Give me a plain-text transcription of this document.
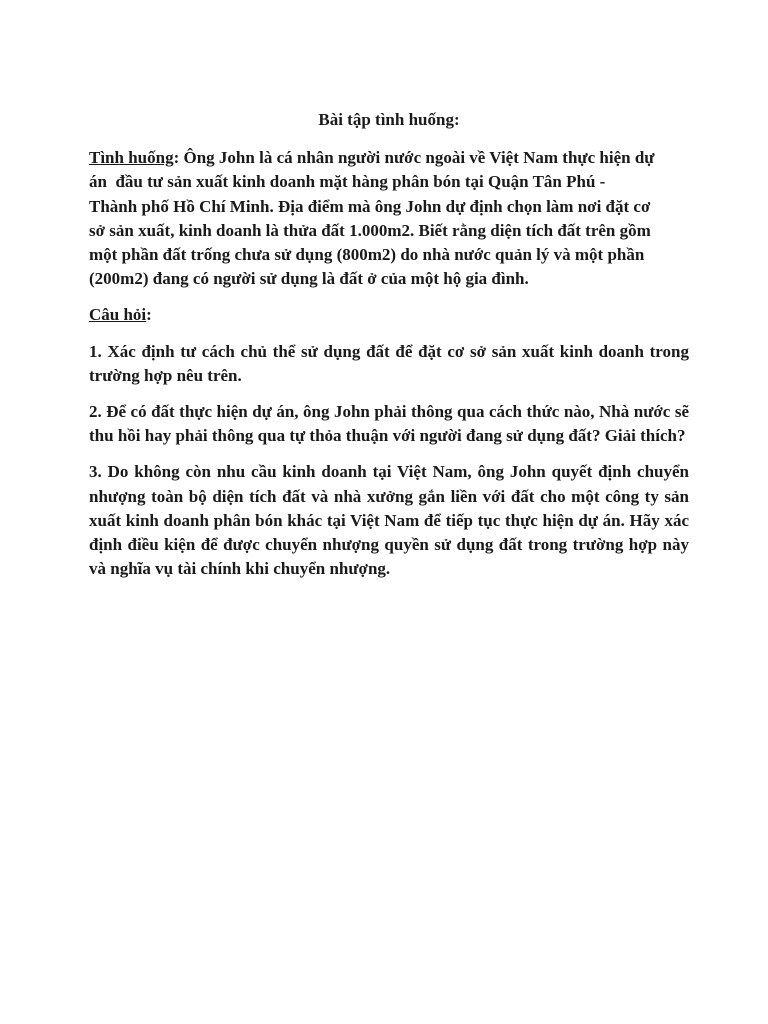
Bài tập tình huống:
Tình huống: Ông John là cá nhân người nước ngoài về Việt Nam thực hiện dự
án  đầu tư sản xuất kinh doanh mặt hàng phân bón tại Quận Tân Phú -
Thành phố Hồ Chí Minh. Địa điểm mà ông John dự định chọn làm nơi đặt cơ
sở sản xuất, kinh doanh là thửa đất 1.000m2. Biết rằng diện tích đất trên gồm
một phần đất trống chưa sử dụng (800m2) do nhà nước quản lý và một phần
(200m2) đang có người sử dụng là đất ở của một hộ gia đình.
Câu hỏi:
1. Xác định tư cách chủ thể sử dụng đất để đặt cơ sở sản xuất kinh doanh trong trường hợp nêu trên.
2. Để có đất thực hiện dự án, ông John phải thông qua cách thức nào, Nhà nước sẽ thu hồi hay phải thông qua tự thỏa thuận với người đang sử dụng đất? Giải thích?
3. Do không còn nhu cầu kinh doanh tại Việt Nam, ông John quyết định chuyển nhượng toàn bộ diện tích đất và nhà xưởng gắn liền với đất cho một công ty sản xuất kinh doanh phân bón khác tại Việt Nam để tiếp tục thực hiện dự án. Hãy xác định điều kiện để được chuyển nhượng quyền sử dụng đất trong trường hợp này và nghĩa vụ tài chính khi chuyển nhượng.
